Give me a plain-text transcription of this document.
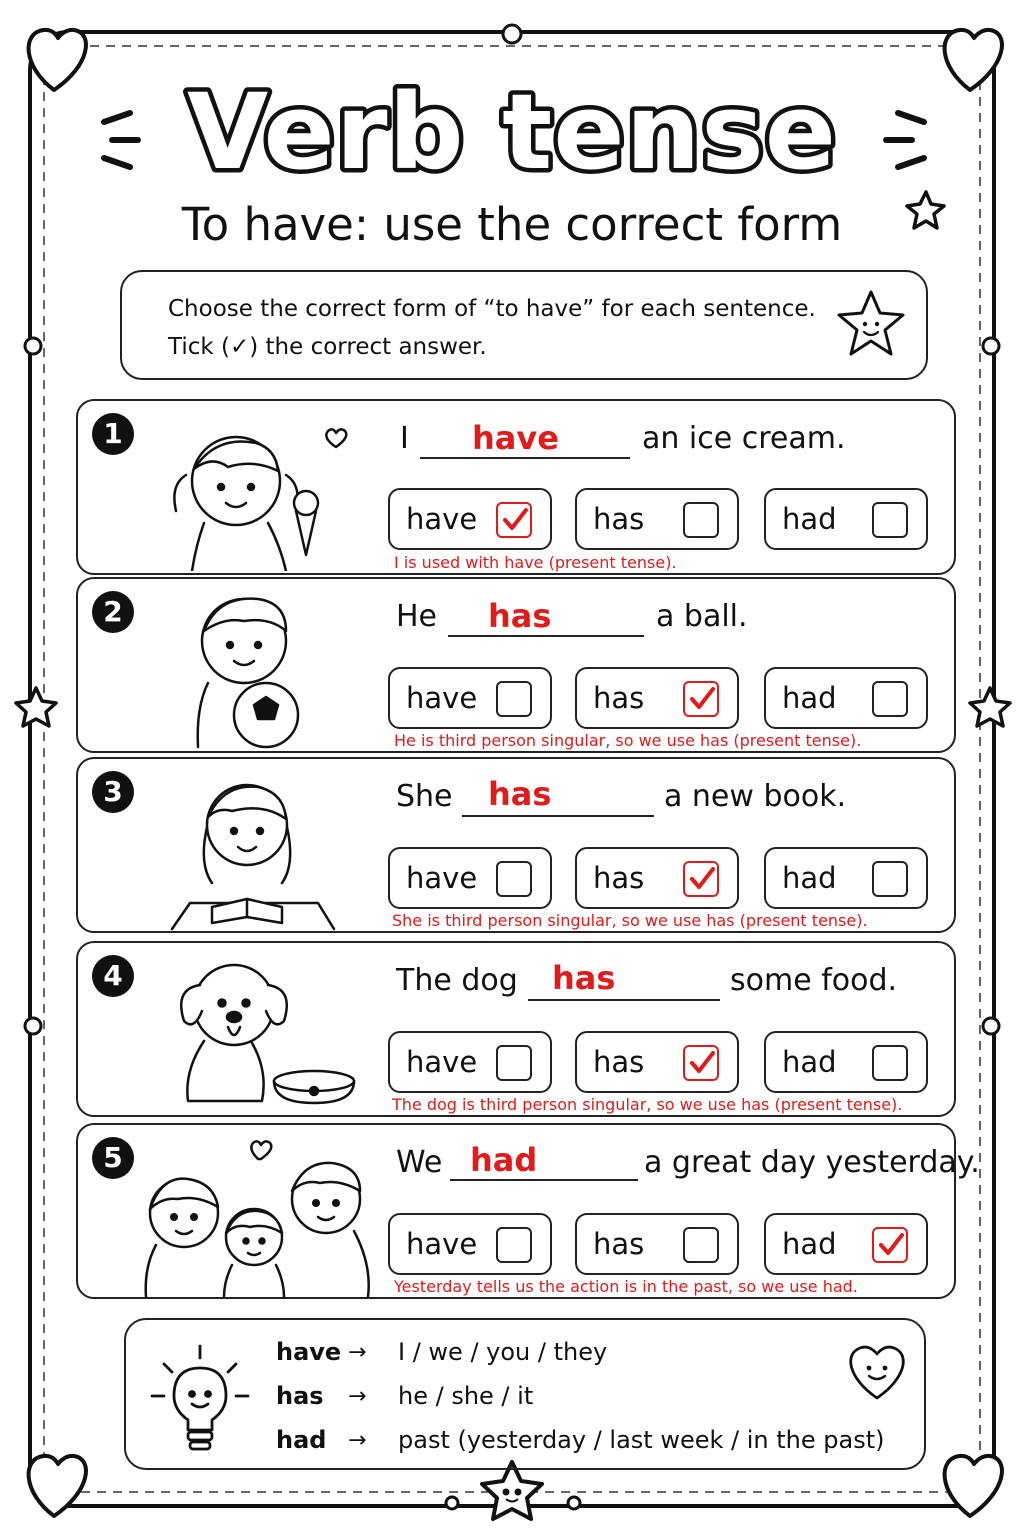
Verb tense
To have: use the correct form
Choose the correct form of “to have” for each sentence.
Tick (✓) the correct answer.
1	I have	an ice cream.
have	has	had
I is used with have (present tense).
2	He has	a ball.
have	has	had
He is third person singular, so we use has (present tense).
3	She has	a new book.
have	has	had
She is third person singular, so we use has (present tense).
4	The dog has	some food.
have	has	had
The dog is third person singular, so we use has (present tense).
5	We had	a great day yesterday.
have	has	had
Yesterday tells us the action is in the past, so we use had.
have → I / we / you / they
has → he / she / it
had → past (yesterday / last week / in the past)
